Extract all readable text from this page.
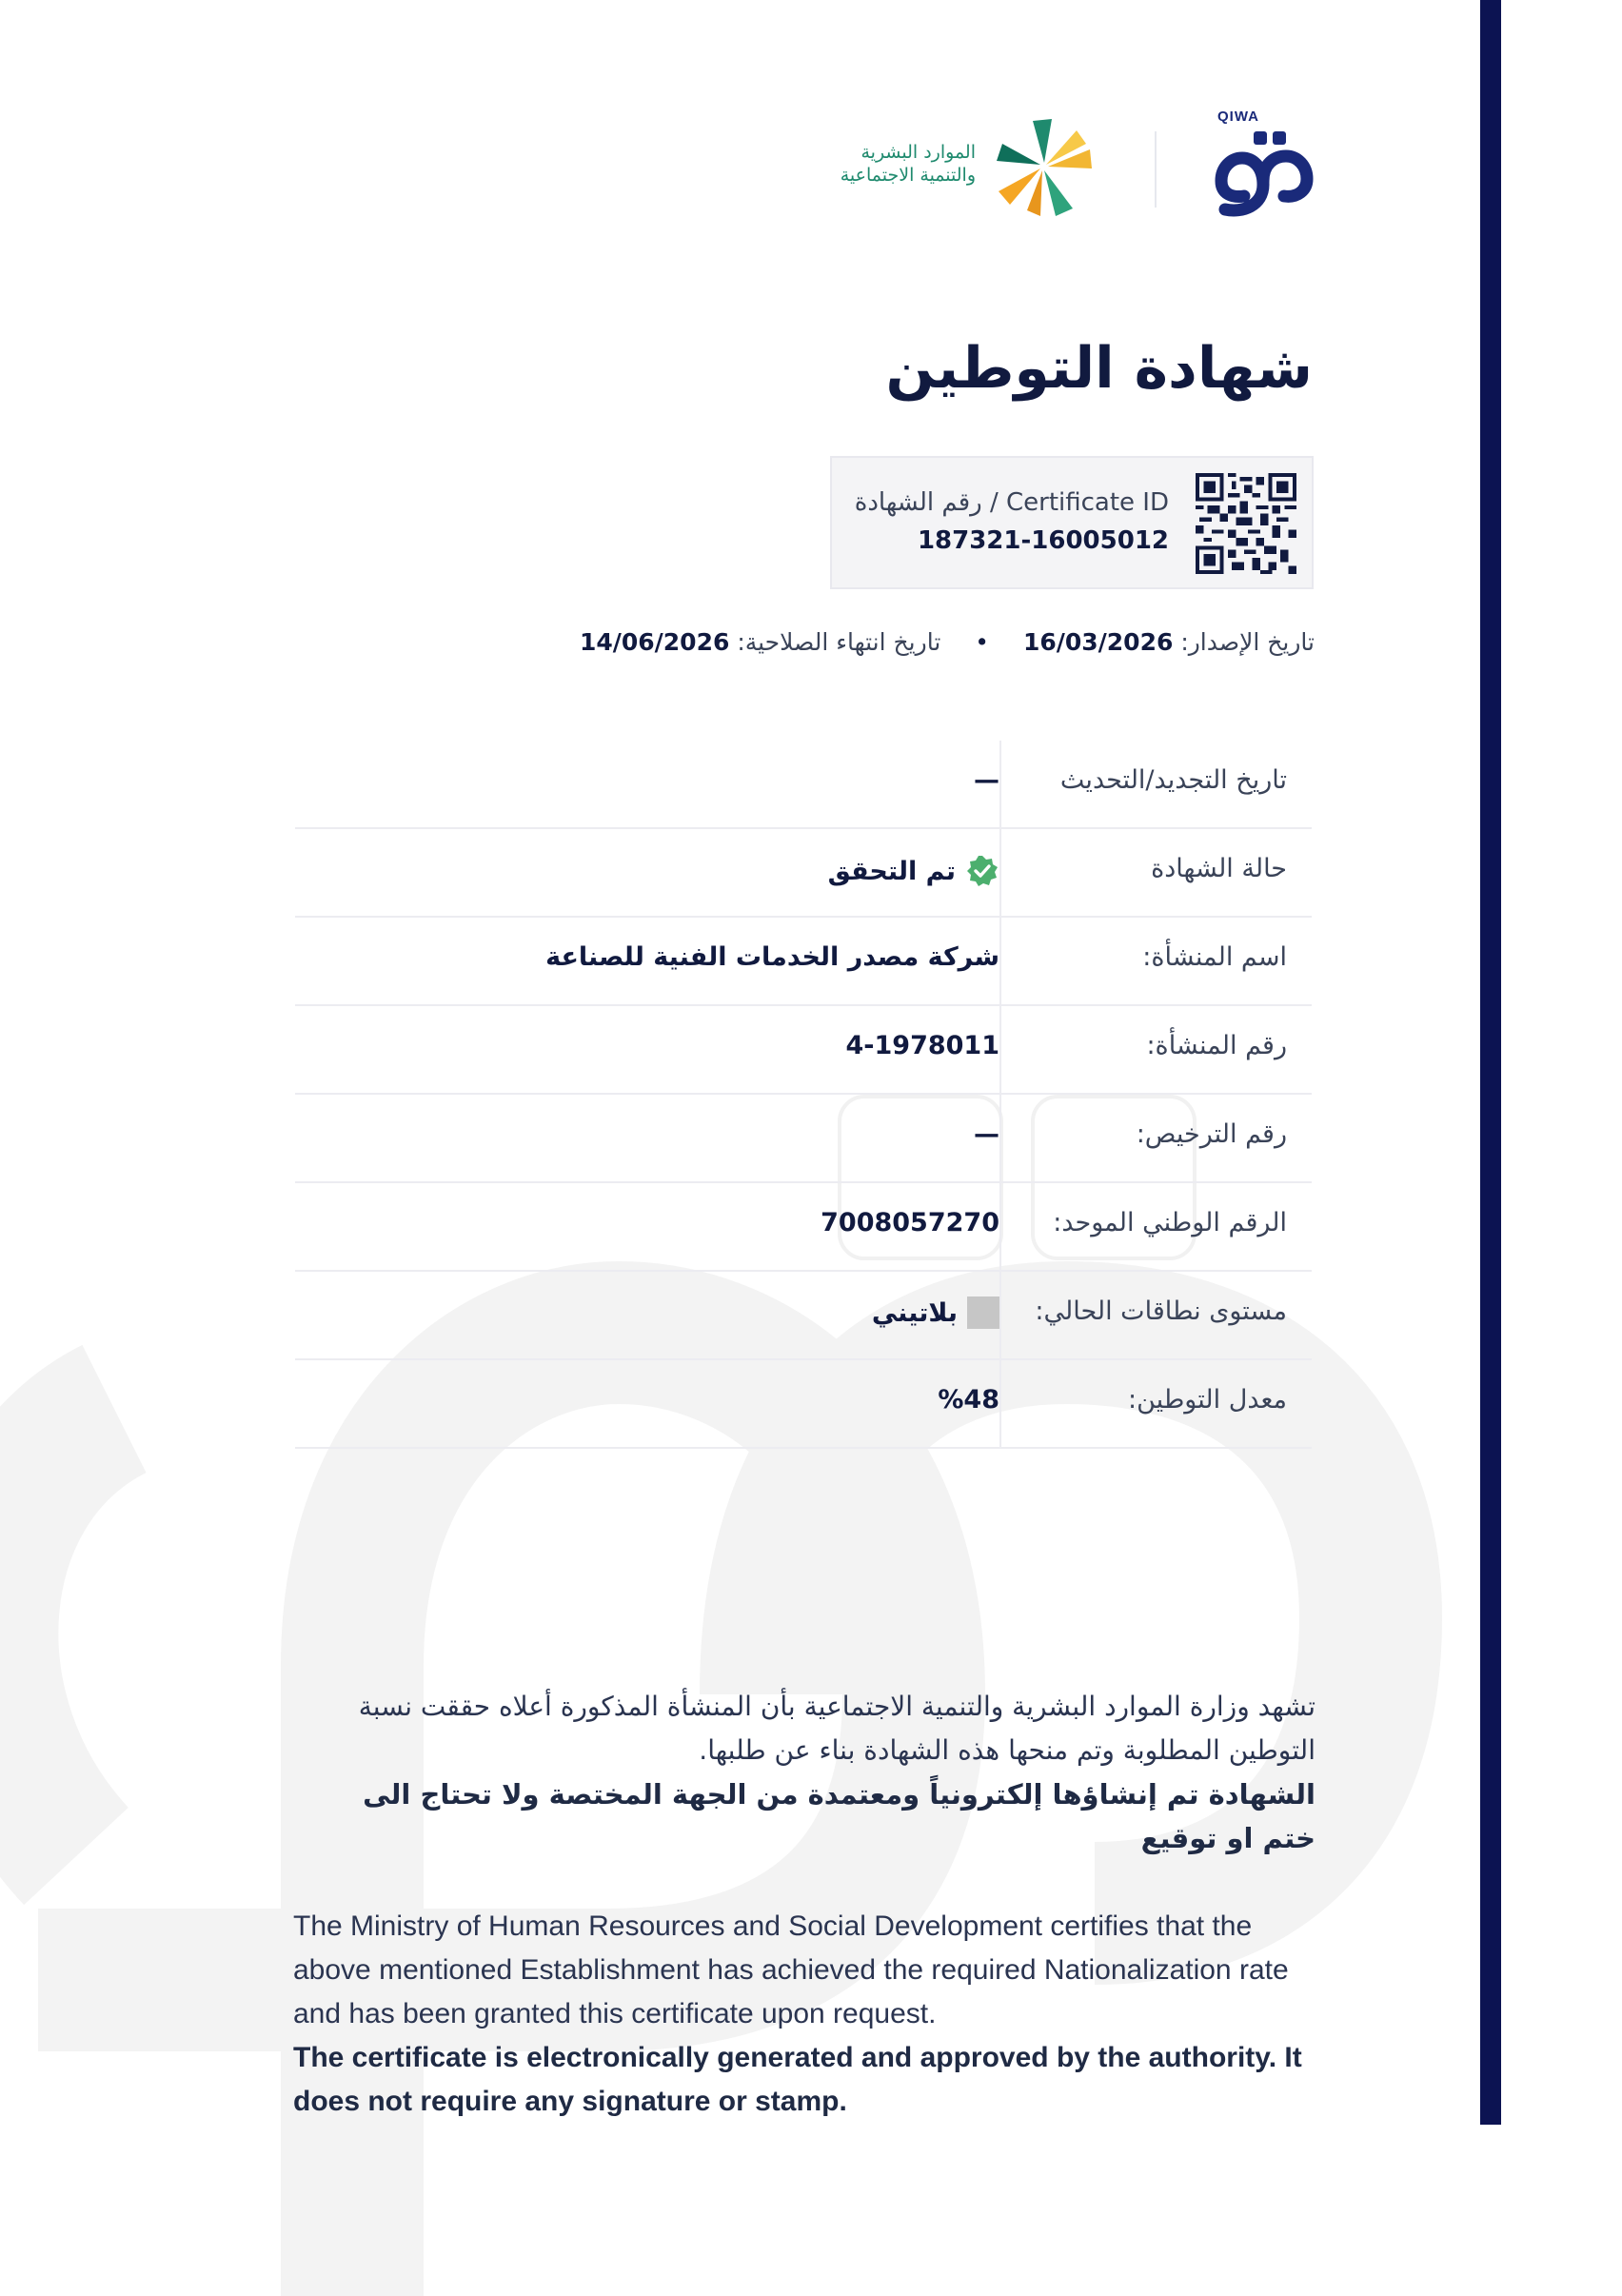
الموارد البشرية
والتنمية الاجتماعية
QIWA
شهادة التوطين
رقم الشهادة / Certificate ID
187321-16005012
تاريخ الإصدار: 16/03/2026 • تاريخ انتهاء الصلاحية: 14/06/2026
تاريخ التجديد/التحديث
—
حالة الشهادة
تم التحقق
اسم المنشأة:
شركة مصدر الخدمات الفنية للصناعة
رقم المنشأة:
4-1978011
رقم الترخيص:
—
الرقم الوطني الموحد:
7008057270
مستوى نطاقات الحالي:
بلاتيني
معدل التوطين:
%48
تشهد وزارة الموارد البشرية والتنمية الاجتماعية بأن المنشأة المذكورة أعلاه حققت نسبة التوطين المطلوبة وتم منحها هذه الشهادة بناء عن طلبها.
الشهادة تم إنشاؤها إلكترونياً ومعتمدة من الجهة المختصة ولا تحتاج الى ختم او توقيع
The Ministry of Human Resources and Social Development certifies that the above mentioned Establishment has achieved the required Nationalization rate and has been granted this certificate upon request.
The certificate is electronically generated and approved by the authority. It does not require any signature or stamp.
